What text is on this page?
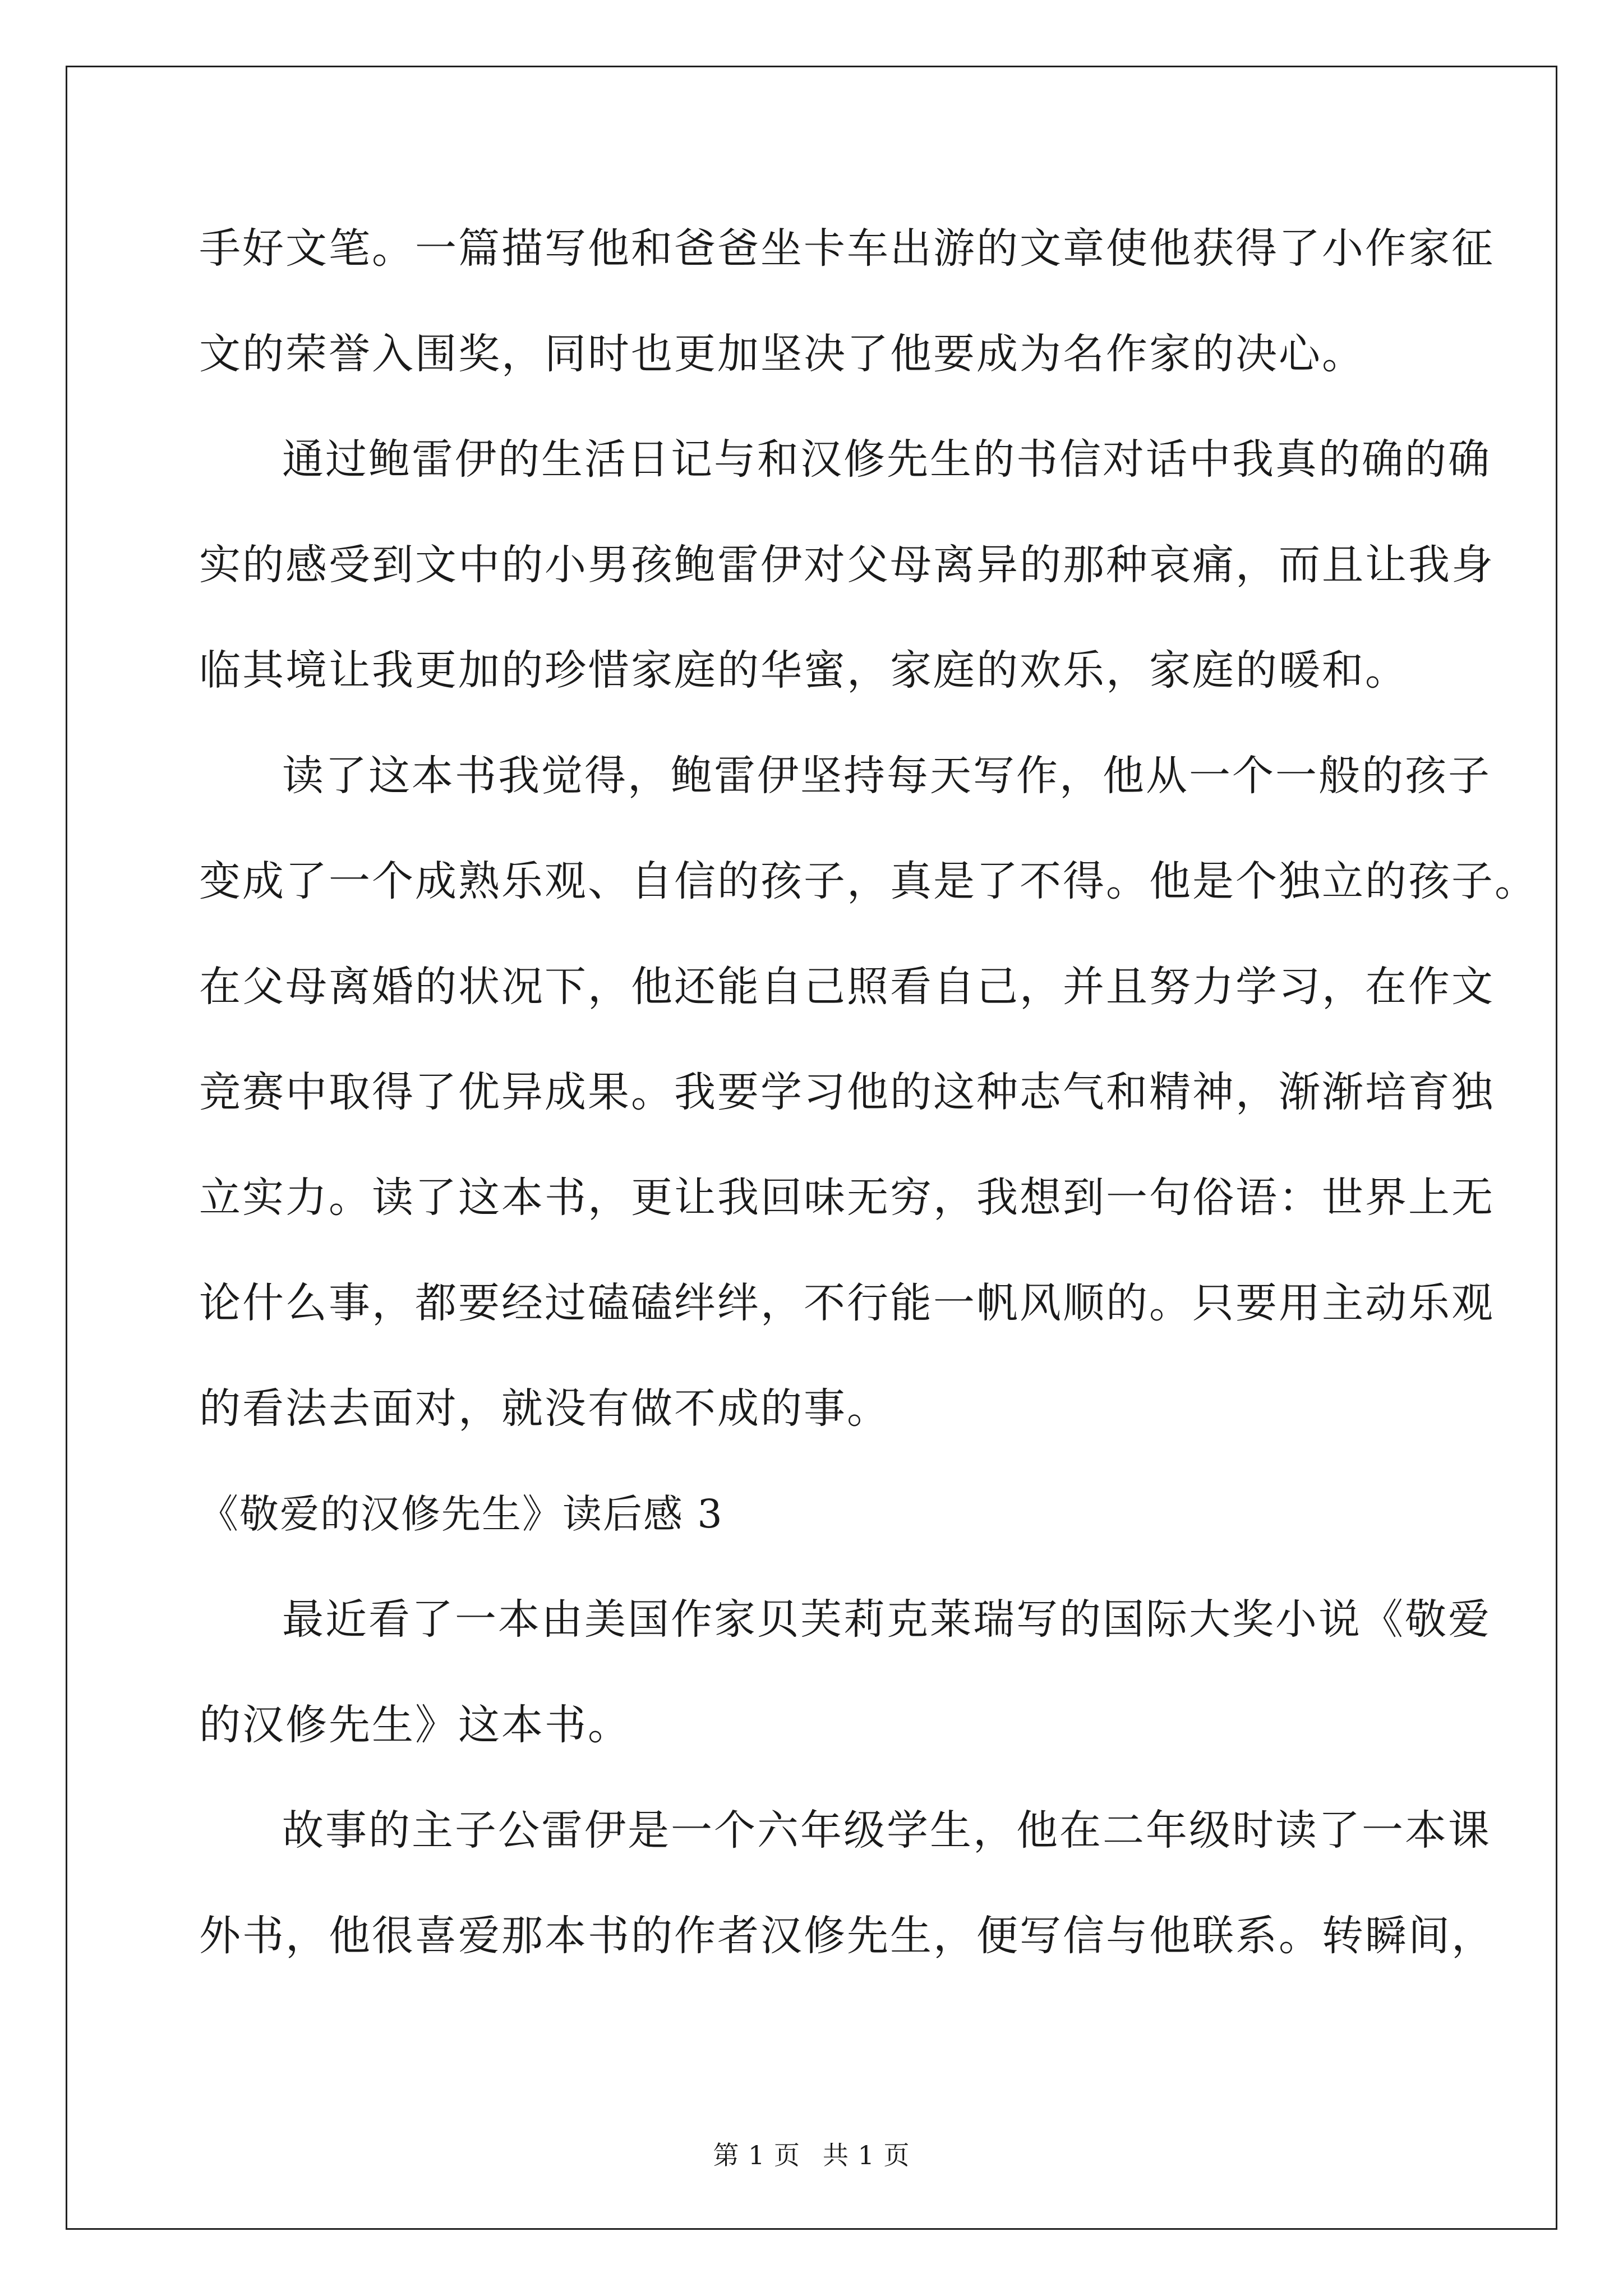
手好文笔。一篇描写他和爸爸坐卡车出游的文章使他获得了小作家征
文的荣誉入围奖，同时也更加坚决了他要成为名作家的决心。
通过鲍雷伊的生活日记与和汉修先生的书信对话中我真的确的确
实的感受到文中的小男孩鲍雷伊对父母离异的那种哀痛，而且让我身
临其境让我更加的珍惜家庭的华蜜，家庭的欢乐，家庭的暖和。
读了这本书我觉得，鲍雷伊坚持每天写作，他从一个一般的孩子
变成了一个成熟乐观、自信的孩子，真是了不得。他是个独立的孩子。
在父母离婚的状况下，他还能自己照看自己，并且努力学习，在作文
竞赛中取得了优异成果。我要学习他的这种志气和精神，渐渐培育独
立实力。读了这本书，更让我回味无穷，我想到一句俗语：世界上无
论什么事，都要经过磕磕绊绊，不行能一帆风顺的。只要用主动乐观
的看法去面对，就没有做不成的事。
《敬爱的汉修先生》读后感 3
最近看了一本由美国作家贝芙莉克莱瑞写的国际大奖小说《敬爱
的汉修先生》这本书。
故事的主子公雷伊是一个六年级学生，他在二年级时读了一本课
外书，他很喜爱那本书的作者汉修先生，便写信与他联系。转瞬间，
第 1 页 共 1 页
